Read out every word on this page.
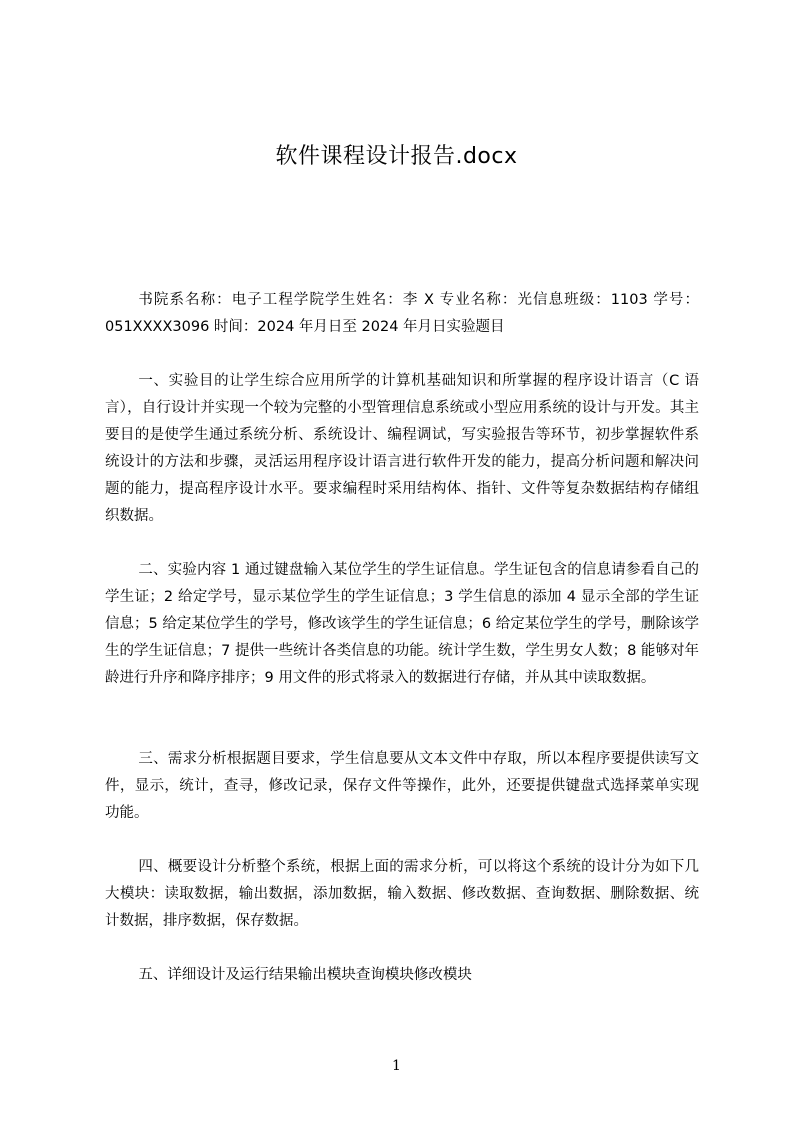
软件课程设计报告.docx

书院系名称：电子工程学院学生姓名：李 X 专业名称：光信息班级：1103 学号：051XXXX3096 时间：2024 年月日至 2024 年月日实验题目

一、实验目的让学生综合应用所学的计算机基础知识和所掌握的程序设计语言（C 语言），自行设计并实现一个较为完整的小型管理信息系统或小型应用系统的设计与开发。其主要目的是使学生通过系统分析、系统设计、编程调试，写实验报告等环节，初步掌握软件系统设计的方法和步骤，灵活运用程序设计语言进行软件开发的能力，提高分析问题和解决问题的能力，提高程序设计水平。要求编程时采用结构体、指针、文件等复杂数据结构存储组织数据。

二、实验内容 1 通过键盘输入某位学生的学生证信息。学生证包含的信息请参看自己的学生证；2 给定学号，显示某位学生的学生证信息；3 学生信息的添加 4 显示全部的学生证信息；5 给定某位学生的学号，修改该学生的学生证信息；6 给定某位学生的学号，删除该学生的学生证信息；7 提供一些统计各类信息的功能。统计学生数，学生男女人数；8 能够对年龄进行升序和降序排序；9 用文件的形式将录入的数据进行存储，并从其中读取数据。

三、需求分析根据题目要求，学生信息要从文本文件中存取，所以本程序要提供读写文件，显示，统计，查寻，修改记录，保存文件等操作，此外，还要提供键盘式选择菜单实现功能。

四、概要设计分析整个系统，根据上面的需求分析，可以将这个系统的设计分为如下几大模块：读取数据，输出数据，添加数据，输入数据、修改数据、查询数据、删除数据、统计数据，排序数据，保存数据。

五、详细设计及运行结果输出模块查询模块修改模块

1
